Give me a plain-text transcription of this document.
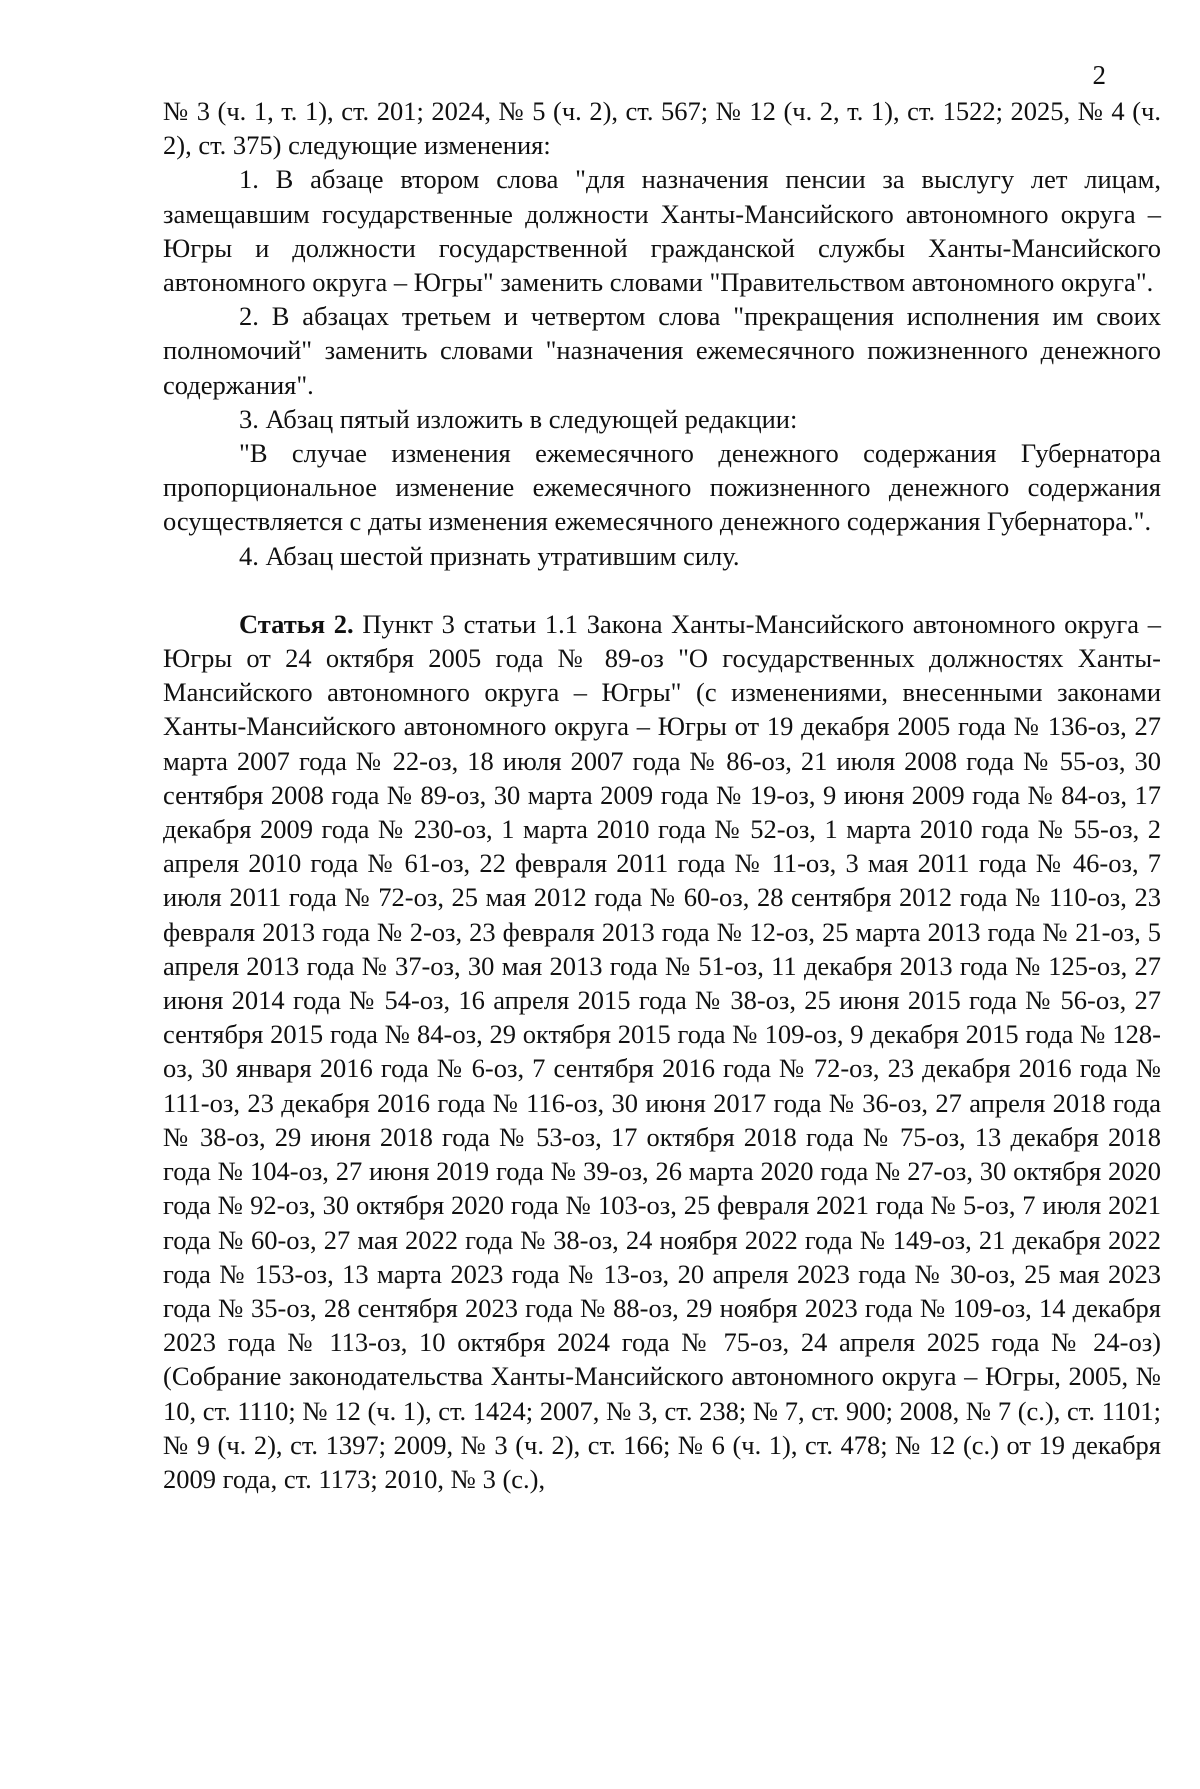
2

№ 3 (ч. 1, т. 1), ст. 201; 2024, № 5 (ч. 2), ст. 567; № 12 (ч. 2, т. 1), ст. 1522; 2025, № 4 (ч. 2), ст. 375) следующие изменения:

1. В абзаце втором слова "для назначения пенсии за выслугу лет лицам, замещавшим государственные должности Ханты-Мансийского автономного округа – Югры и должности государственной гражданской службы Ханты-Мансийского автономного округа – Югры" заменить словами "Правительством автономного округа".

2. В абзацах третьем и четвертом слова "прекращения исполнения им своих полномочий" заменить словами "назначения ежемесячного пожизненного денежного содержания".

3. Абзац пятый изложить в следующей редакции:

"В случае изменения ежемесячного денежного содержания Губернатора пропорциональное изменение ежемесячного пожизненного денежного содержания осуществляется с даты изменения ежемесячного денежного содержания Губернатора.".

4. Абзац шестой признать утратившим силу.

Статья 2. Пункт 3 статьи 1.1 Закона Ханты-Мансийского автономного округа – Югры от 24 октября 2005 года № 89-оз "О государственных должностях Ханты-Мансийского автономного округа – Югры" (с изменениями, внесенными законами Ханты-Мансийского автономного округа – Югры от 19 декабря 2005 года № 136-оз, 27 марта 2007 года № 22-оз, 18 июля 2007 года № 86-оз, 21 июля 2008 года № 55-оз, 30 сентября 2008 года № 89-оз, 30 марта 2009 года № 19-оз, 9 июня 2009 года № 84-оз, 17 декабря 2009 года № 230-оз, 1 марта 2010 года № 52-оз, 1 марта 2010 года № 55-оз, 2 апреля 2010 года № 61-оз, 22 февраля 2011 года № 11-оз, 3 мая 2011 года № 46-оз, 7 июля 2011 года № 72-оз, 25 мая 2012 года № 60-оз, 28 сентября 2012 года № 110-оз, 23 февраля 2013 года № 2-оз, 23 февраля 2013 года № 12-оз, 25 марта 2013 года № 21-оз, 5 апреля 2013 года № 37-оз, 30 мая 2013 года № 51-оз, 11 декабря 2013 года № 125-оз, 27 июня 2014 года № 54-оз, 16 апреля 2015 года № 38-оз, 25 июня 2015 года № 56-оз, 27 сентября 2015 года № 84-оз, 29 октября 2015 года № 109-оз, 9 декабря 2015 года № 128-оз, 30 января 2016 года № 6-оз, 7 сентября 2016 года № 72-оз, 23 декабря 2016 года № 111-оз, 23 декабря 2016 года № 116-оз, 30 июня 2017 года № 36-оз, 27 апреля 2018 года № 38-оз, 29 июня 2018 года № 53-оз, 17 октября 2018 года № 75-оз, 13 декабря 2018 года № 104-оз, 27 июня 2019 года № 39-оз, 26 марта 2020 года № 27-оз, 30 октября 2020 года № 92-оз, 30 октября 2020 года № 103-оз, 25 февраля 2021 года № 5-оз, 7 июля 2021 года № 60-оз, 27 мая 2022 года № 38-оз, 24 ноября 2022 года № 149-оз, 21 декабря 2022 года № 153-оз, 13 марта 2023 года № 13-оз, 20 апреля 2023 года № 30-оз, 25 мая 2023 года № 35-оз, 28 сентября 2023 года № 88-оз, 29 ноября 2023 года № 109-оз, 14 декабря 2023 года № 113-оз, 10 октября 2024 года № 75-оз, 24 апреля 2025 года № 24-оз) (Собрание законодательства Ханты-Мансийского автономного округа – Югры, 2005, № 10, ст. 1110; № 12 (ч. 1), ст. 1424; 2007, № 3, ст. 238; № 7, ст. 900; 2008, № 7 (с.), ст. 1101; № 9 (ч. 2), ст. 1397; 2009, № 3 (ч. 2), ст. 166; № 6 (ч. 1), ст. 478; № 12 (с.) от 19 декабря 2009 года, ст. 1173; 2010, № 3 (с.),
